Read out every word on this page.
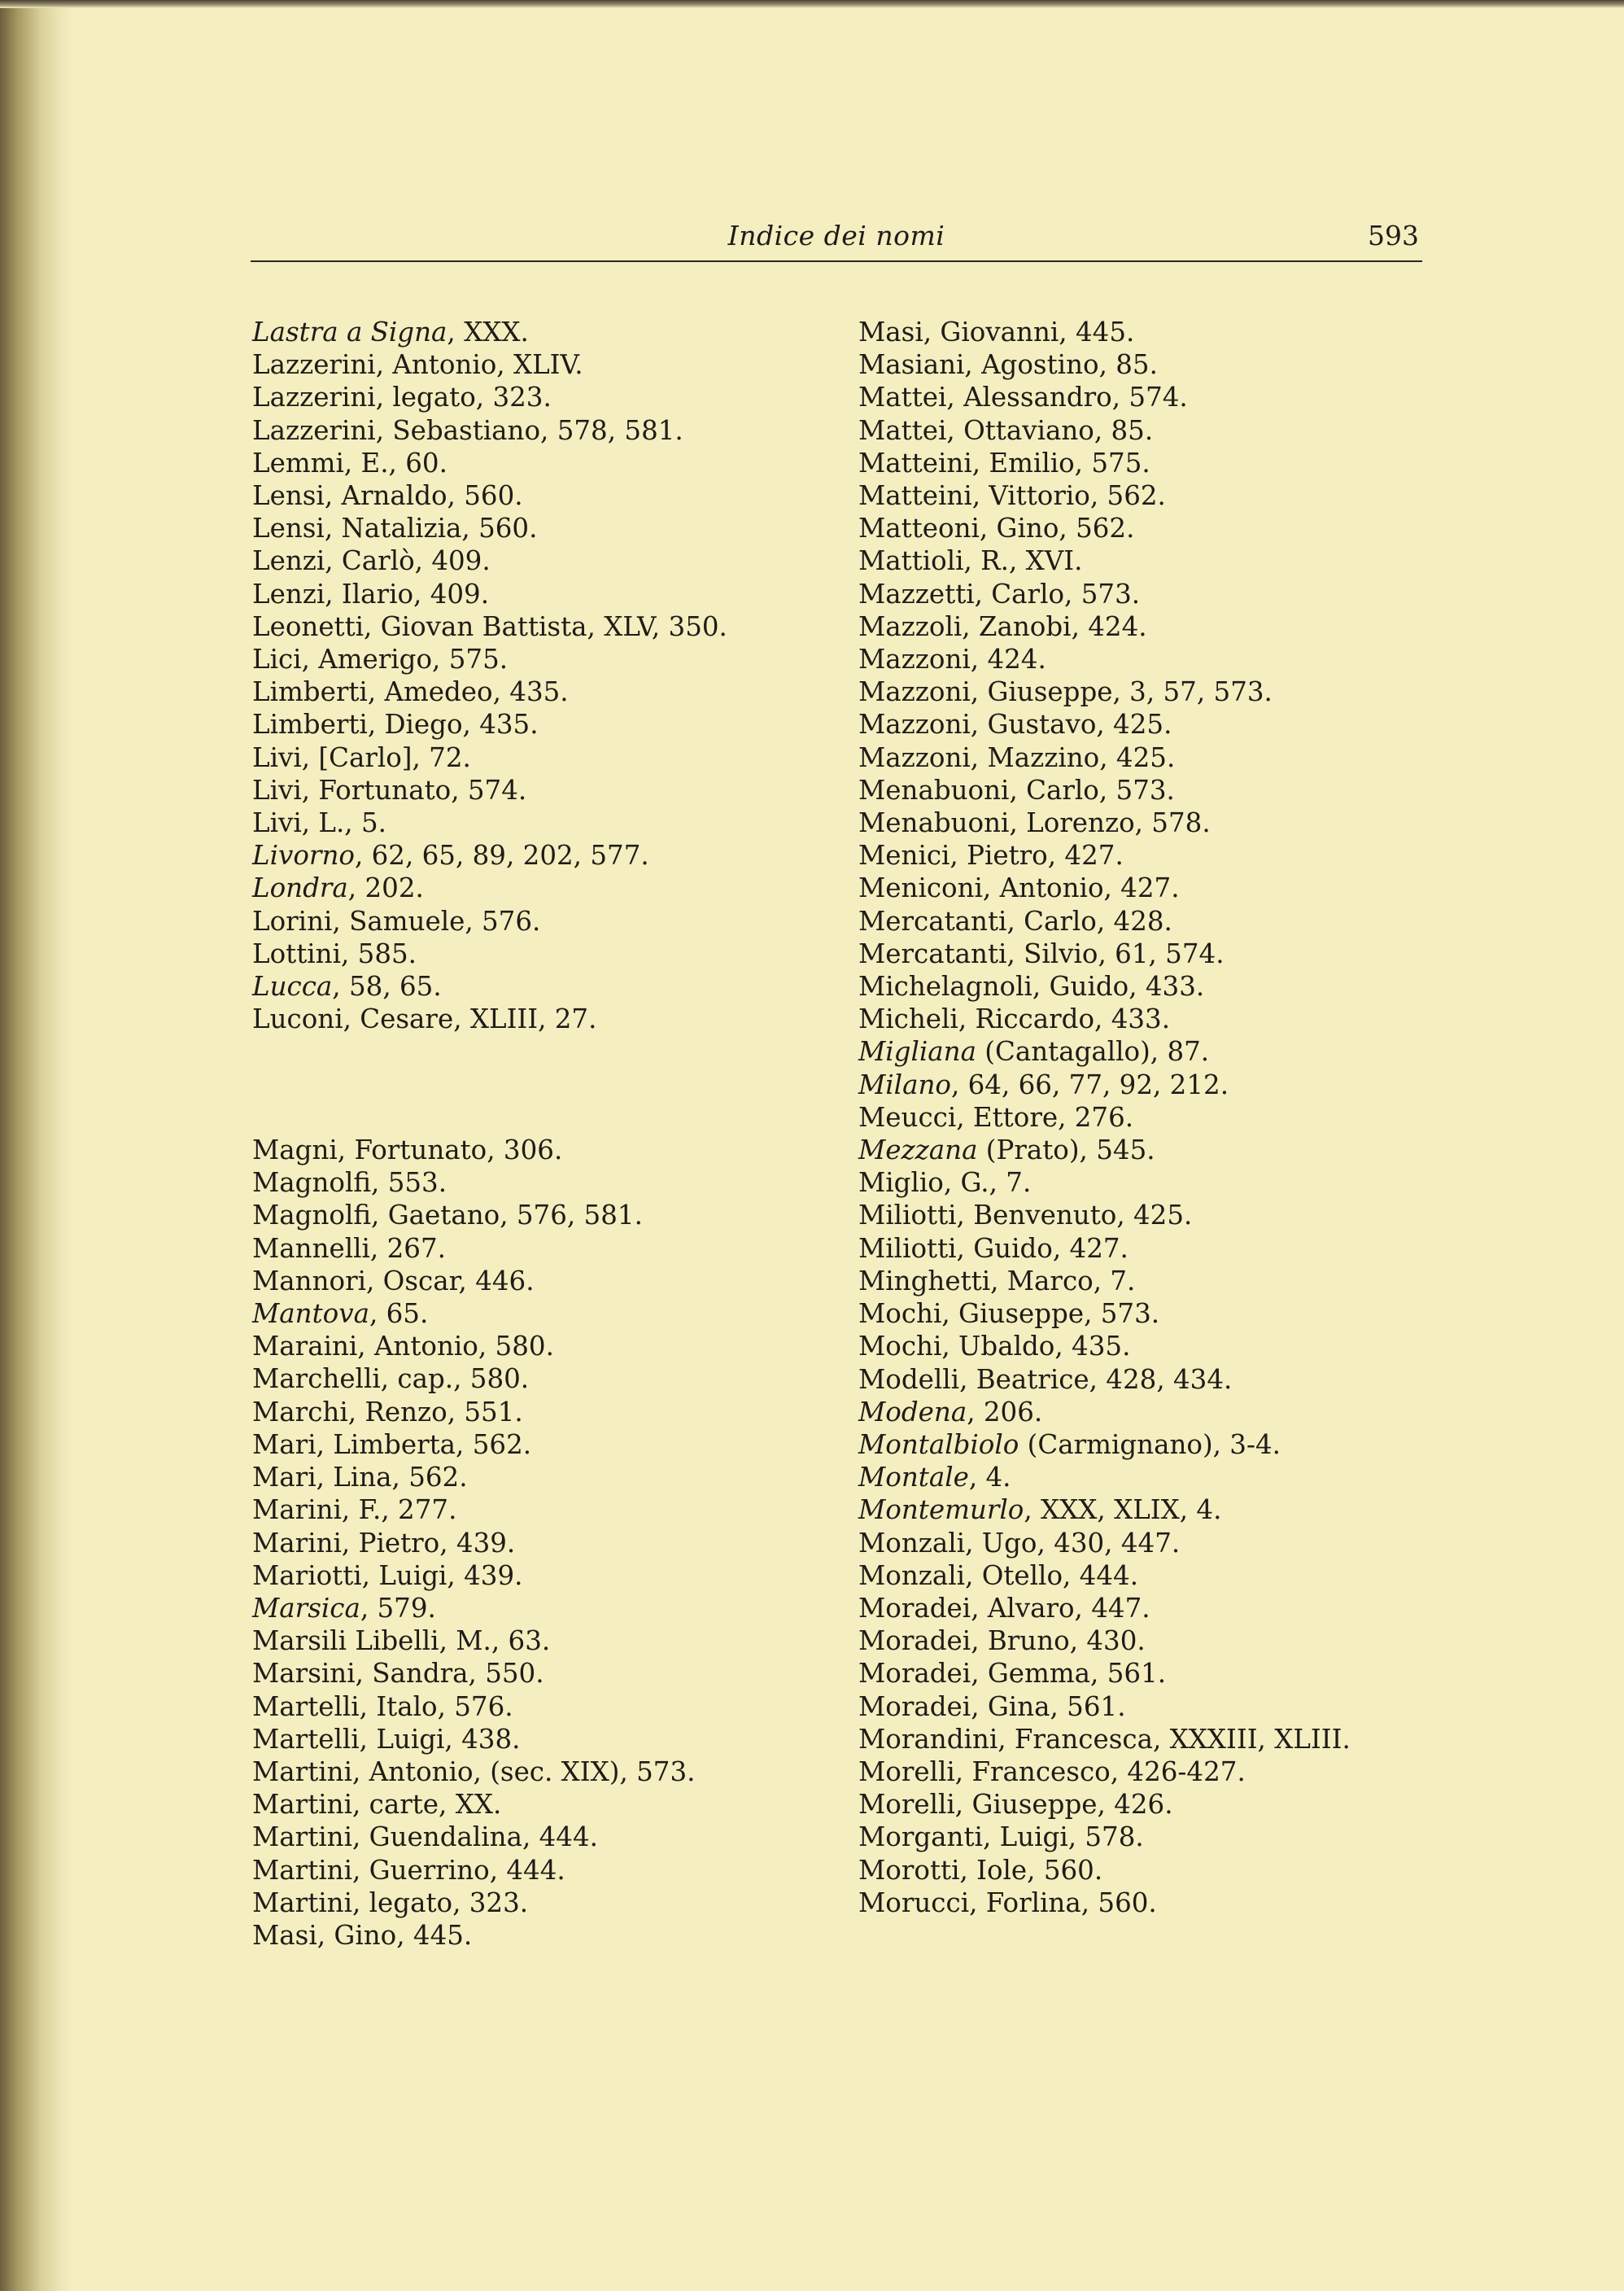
Indice dei nomi	593
Lastra a Signa, XXX.
Lazzerini, Antonio, XLIV.
Lazzerini, legato, 323.
Lazzerini, Sebastiano, 578, 581.
Lemmi, E., 60.
Lensi, Arnaldo, 560.
Lensi, Natalizia, 560.
Lenzi, Carlò, 409.
Lenzi, Ilario, 409.
Leonetti, Giovan Battista, XLV, 350.
Lici, Amerigo, 575.
Limberti, Amedeo, 435.
Limberti, Diego, 435.
Livi, [Carlo], 72.
Livi, Fortunato, 574.
Livi, L., 5.
Livorno, 62, 65, 89, 202, 577.
Londra, 202.
Lorini, Samuele, 576.
Lottini, 585.
Lucca, 58, 65.
Luconi, Cesare, XLIII, 27.
Magni, Fortunato, 306.
Magnolfi, 553.
Magnolfi, Gaetano, 576, 581.
Mannelli, 267.
Mannori, Oscar, 446.
Mantova, 65.
Maraini, Antonio, 580.
Marchelli, cap., 580.
Marchi, Renzo, 551.
Mari, Limberta, 562.
Mari, Lina, 562.
Marini, F., 277.
Marini, Pietro, 439.
Mariotti, Luigi, 439.
Marsica, 579.
Marsili Libelli, M., 63.
Marsini, Sandra, 550.
Martelli, Italo, 576.
Martelli, Luigi, 438.
Martini, Antonio, (sec. XIX), 573.
Martini, carte, XX.
Martini, Guendalina, 444.
Martini, Guerrino, 444.
Martini, legato, 323.
Masi, Gino, 445.
Masi, Giovanni, 445.
Masiani, Agostino, 85.
Mattei, Alessandro, 574.
Mattei, Ottaviano, 85.
Matteini, Emilio, 575.
Matteini, Vittorio, 562.
Matteoni, Gino, 562.
Mattioli, R., XVI.
Mazzetti, Carlo, 573.
Mazzoli, Zanobi, 424.
Mazzoni, 424.
Mazzoni, Giuseppe, 3, 57, 573.
Mazzoni, Gustavo, 425.
Mazzoni, Mazzino, 425.
Menabuoni, Carlo, 573.
Menabuoni, Lorenzo, 578.
Menici, Pietro, 427.
Meniconi, Antonio, 427.
Mercatanti, Carlo, 428.
Mercatanti, Silvio, 61, 574.
Michelagnoli, Guido, 433.
Micheli, Riccardo, 433.
Migliana (Cantagallo), 87.
Milano, 64, 66, 77, 92, 212.
Meucci, Ettore, 276.
Mezzana (Prato), 545.
Miglio, G., 7.
Miliotti, Benvenuto, 425.
Miliotti, Guido, 427.
Minghetti, Marco, 7.
Mochi, Giuseppe, 573.
Mochi, Ubaldo, 435.
Modelli, Beatrice, 428, 434.
Modena, 206.
Montalbiolo (Carmignano), 3-4.
Montale, 4.
Montemurlo, XXX, XLIX, 4.
Monzali, Ugo, 430, 447.
Monzali, Otello, 444.
Moradei, Alvaro, 447.
Moradei, Bruno, 430.
Moradei, Gemma, 561.
Moradei, Gina, 561.
Morandini, Francesca, XXXIII, XLIII.
Morelli, Francesco, 426-427.
Morelli, Giuseppe, 426.
Morganti, Luigi, 578.
Morotti, Iole, 560.
Morucci, Forlina, 560.
